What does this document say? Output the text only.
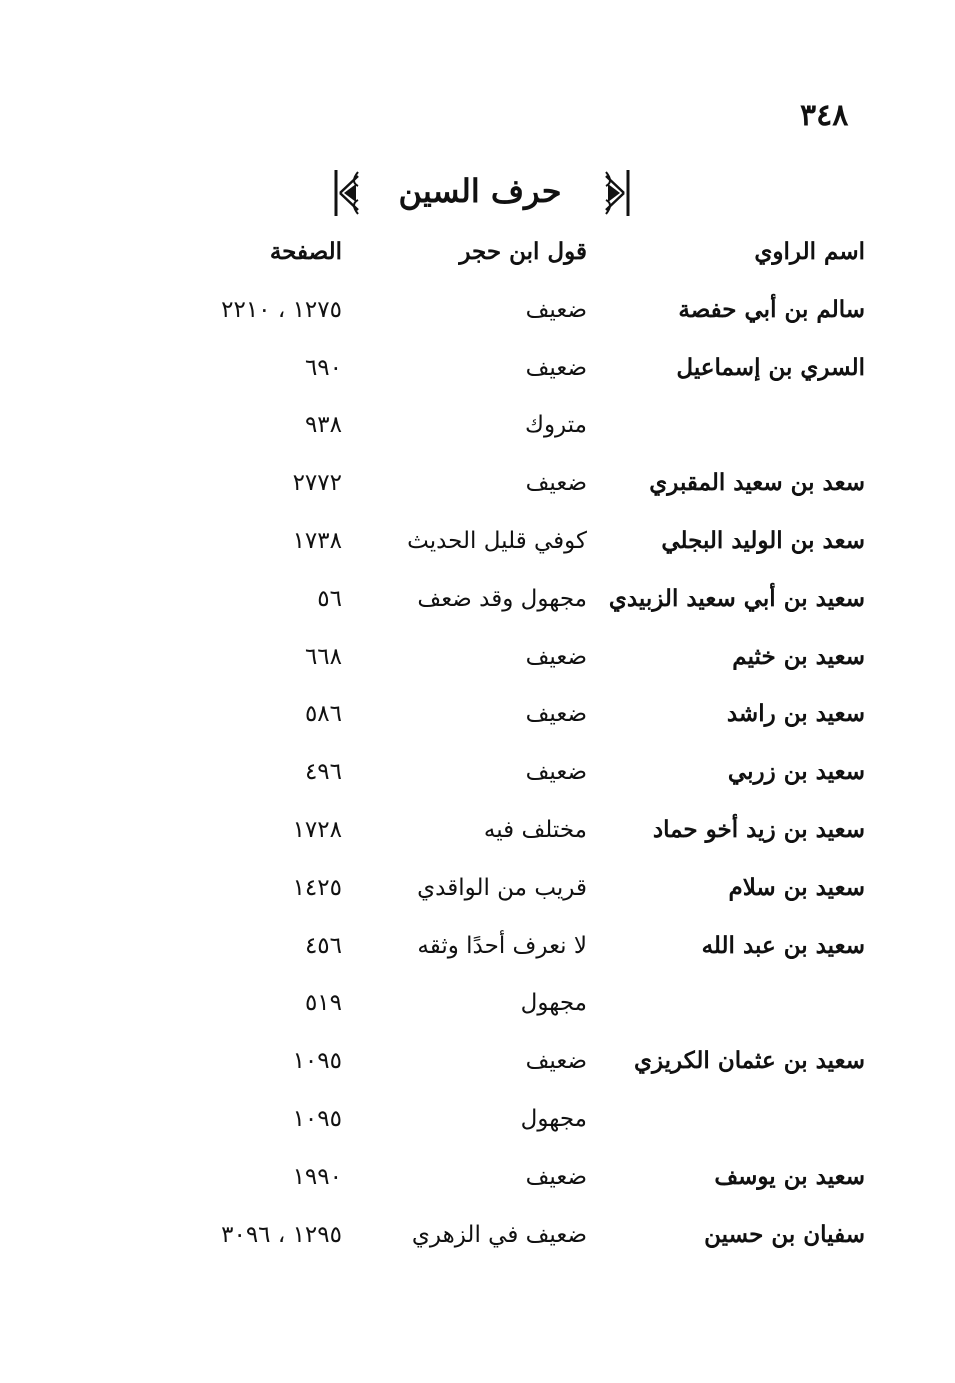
٣٤٨
حرف السين
اسم الراوي
قول ابن حجر
الصفحة
سالم بن أبي حفصة
ضعيف
١٢٧٥ ، ٢٢١٠
السري بن إسماعيل
ضعيف
٦٩٠
متروك
٩٣٨
سعد بن سعيد المقبري
ضعيف
٢٧٧٢
سعد بن الوليد البجلي
كوفي قليل الحديث
١٧٣٨
سعيد بن أبي سعيد الزبيدي
مجهول وقد ضعف
٥٦
سعيد بن خثيم
ضعيف
٦٦٨
سعيد بن راشد
ضعيف
٥٨٦
سعيد بن زربي
ضعيف
٤٩٦
سعيد بن زيد أخو حماد
مختلف فيه
١٧٢٨
سعيد بن سلام
قريب من الواقدي
١٤٢٥
سعيد بن عبد الله
لا نعرف أحدًا وثقه
٤٥٦
مجهول
٥١٩
سعيد بن عثمان الكريزي
ضعيف
١٠٩٥
مجهول
١٠٩٥
سعيد بن يوسف
ضعيف
١٩٩٠
سفيان بن حسين
ضعيف في الزهري
١٢٩٥ ، ٣٠٩٦
